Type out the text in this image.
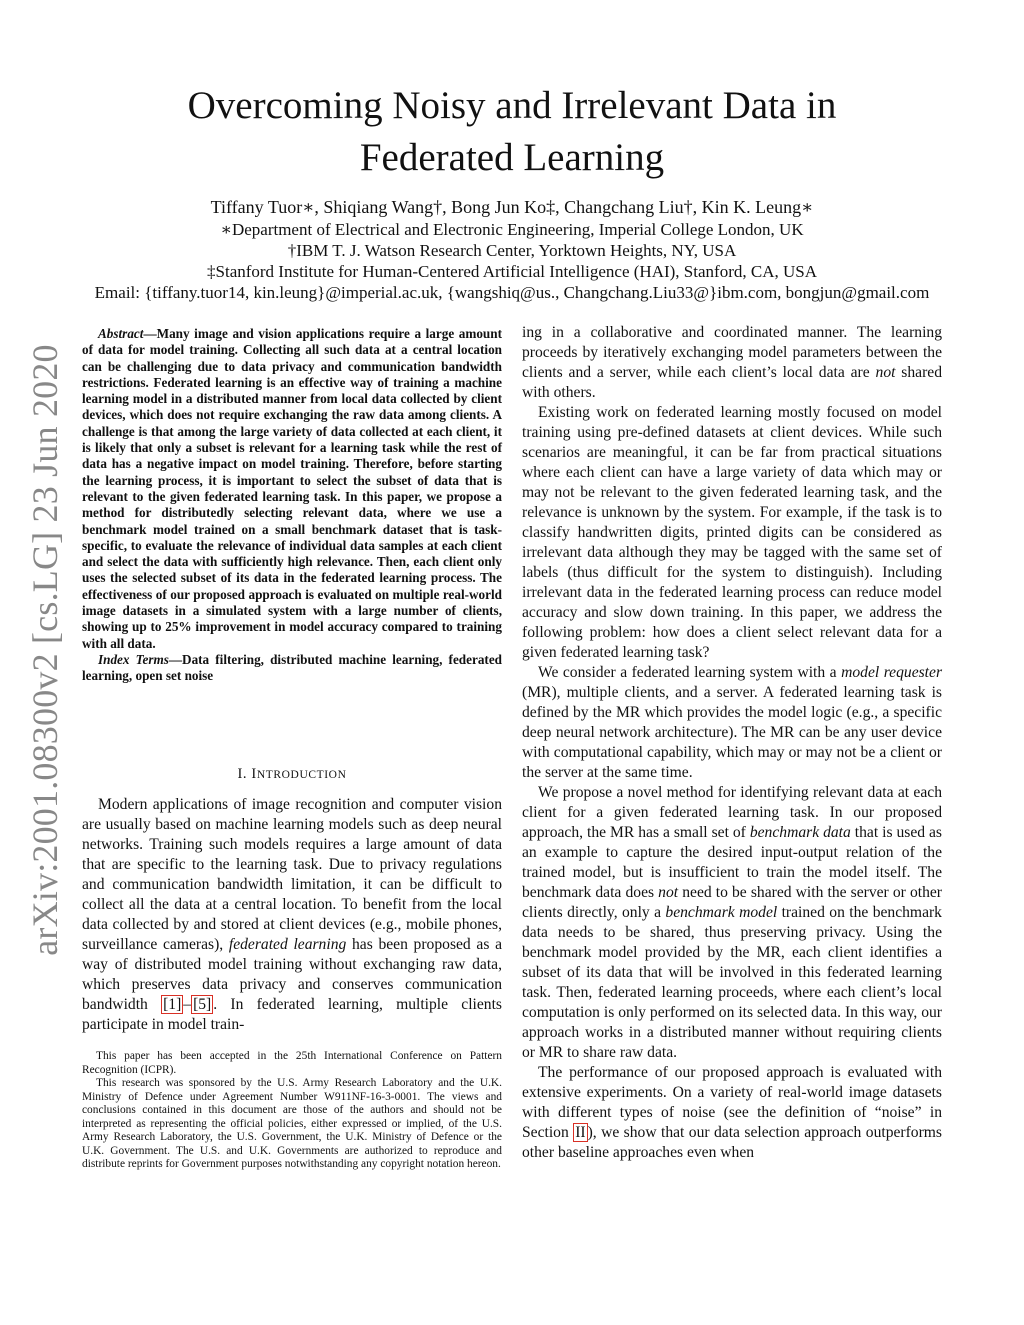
arXiv:2001.08300v2 [cs.LG] 23 Jun 2020
Overcoming Noisy and Irrelevant Data in
Federated Learning
Tiffany Tuor∗, Shiqiang Wang†, Bong Jun Ko‡, Changchang Liu†, Kin K. Leung∗
∗Department of Electrical and Electronic Engineering, Imperial College London, UK
†IBM T. J. Watson Research Center, Yorktown Heights, NY, USA
‡Stanford Institute for Human-Centered Artificial Intelligence (HAI), Stanford, CA, USA
Email: {tiffany.tuor14, kin.leung}@imperial.ac.uk, {wangshiq@us., Changchang.Liu33@}ibm.com, bongjun@gmail.com

Abstract—Many image and vision applications require a large amount of data for model training. Collecting all such data at a central location can be challenging due to data privacy and communication bandwidth restrictions. Federated learning is an effective way of training a machine learning model in a distributed manner from local data collected by client devices, which does not require exchanging the raw data among clients. A challenge is that among the large variety of data collected at each client, it is likely that only a subset is relevant for a learning task while the rest of data has a negative impact on model training. Therefore, before starting the learning process, it is important to select the subset of data that is relevant to the given federated learning task. In this paper, we propose a method for distributedly selecting relevant data, where we use a benchmark model trained on a small benchmark dataset that is task-specific, to evaluate the relevance of individual data samples at each client and select the data with sufficiently high relevance. Then, each client only uses the selected subset of its data in the federated learning process. The effectiveness of our proposed approach is evaluated on multiple real-world image datasets in a simulated system with a large number of clients, showing up to 25% improvement in model accuracy compared to training with all data.

Index Terms—Data filtering, distributed machine learning, federated learning, open set noise

I. INTRODUCTION

Modern applications of image recognition and computer vision are usually based on machine learning models such as deep neural networks. Training such models requires a large amount of data that are specific to the learning task. Due to privacy regulations and communication bandwidth limitation, it can be difficult to collect all the data at a central location. To benefit from the local data collected by and stored at client devices (e.g., mobile phones, surveillance cameras), federated learning has been proposed as a way of distributed model training without exchanging raw data, which preserves data privacy and conserves communication bandwidth [1] – [5] . In federated learning, multiple clients participate in model train-

This paper has been accepted in the 25th International Conference on Pattern Recognition (ICPR).

This research was sponsored by the U.S. Army Research Laboratory and the U.K. Ministry of Defence under Agreement Number W911NF-16-3-0001. The views and conclusions contained in this document are those of the authors and should not be interpreted as representing the official policies, either expressed or implied, of the U.S. Army Research Laboratory, the U.S. Government, the U.K. Ministry of Defence or the U.K. Government. The U.S. and U.K. Governments are authorized to reproduce and distribute reprints for Government purposes notwithstanding any copyright notation hereon.

ing in a collaborative and coordinated manner. The learning proceeds by iteratively exchanging model parameters between the clients and a server, while each client’s local data are not shared with others.

Existing work on federated learning mostly focused on model training using pre-defined datasets at client devices. While such scenarios are meaningful, it can be far from practical situations where each client can have a large variety of data which may or may not be relevant to the given federated learning task, and the relevance is unknown by the system. For example, if the task is to classify handwritten digits, printed digits can be considered as irrelevant data although they may be tagged with the same set of labels (thus difficult for the system to distinguish). Including irrelevant data in the federated learning process can reduce model accuracy and slow down training. In this paper, we address the following problem: how does a client select relevant data for a given federated learning task?

We consider a federated learning system with a model requester (MR), multiple clients, and a server. A federated learning task is defined by the MR which provides the model logic (e.g., a specific deep neural network architecture). The MR can be any user device with computational capability, which may or may not be a client or the server at the same time.

We propose a novel method for identifying relevant data at each client for a given federated learning task. In our proposed approach, the MR has a small set of benchmark data that is used as an example to capture the desired input-output relation of the trained model, but is insufficient to train the model itself. The benchmark data does not need to be shared with the server or other clients directly, only a benchmark model trained on the benchmark data needs to be shared, thus preserving privacy. Using the benchmark model provided by the MR, each client identifies a subset of its data that will be involved in this federated learning task. Then, federated learning proceeds, where each client’s local computation is only performed on its selected data. In this way, our approach works in a distributed manner without requiring clients or MR to share raw data.

The performance of our proposed approach is evaluated with extensive experiments. On a variety of real-world image datasets with different types of noise (see the definition of “noise” in Section II ), we show that our data selection approach outperforms other baseline approaches even when
